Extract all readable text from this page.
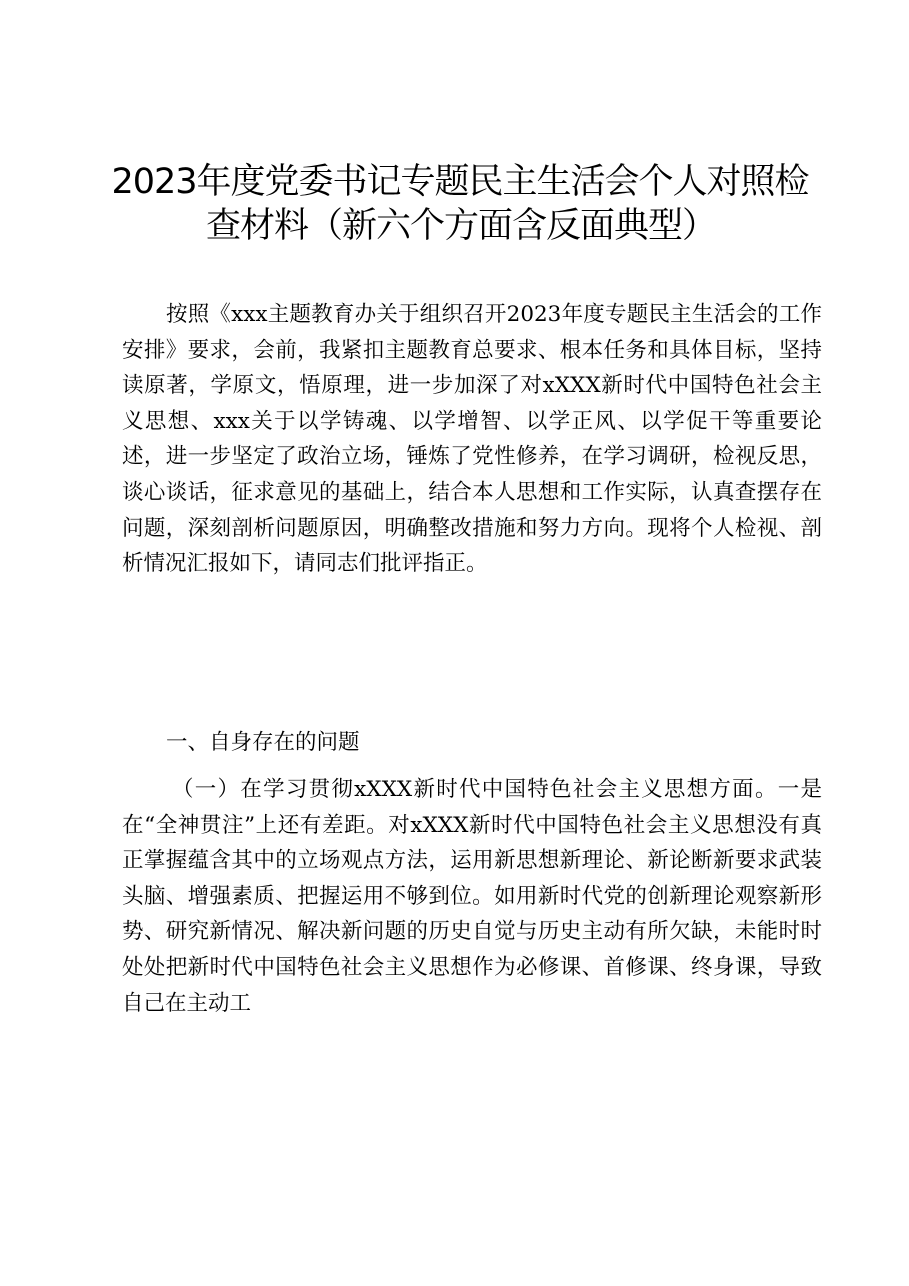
2023年度党委书记专题民主生活会个人对照检
查材料（新六个方面含反面典型）

按照《xxx主题教育办关于组织召开2023年度专题民主生活会的工作安排》要求，会前，我紧扣主题教育总要求、根本任务和具体目标，坚持读原著，学原文，悟原理，进一步加深了对xXXX新时代中国特色社会主义思想、xxx关于以学铸魂、以学增智、以学正风、以学促干等重要论述，进一步坚定了政治立场，锤炼了党性修养，在学习调研，检视反思，谈心谈话，征求意见的基础上，结合本人思想和工作实际，认真查摆存在问题，深刻剖析问题原因，明确整改措施和努力方向。现将个人检视、剖析情况汇报如下，请同志们批评指正。

一、自身存在的问题

（一）在学习贯彻xXXX新时代中国特色社会主义思想方面。一是在“全神贯注”上还有差距。对xXXX新时代中国特色社会主义思想没有真正掌握蕴含其中的立场观点方法，运用新思想新理论、新论断新要求武装头脑、增强素质、把握运用不够到位。如用新时代党的创新理论观察新形势、研究新情况、解决新问题的历史自觉与历史主动有所欠缺，未能时时处处把新时代中国特色社会主义思想作为必修课、首修课、终身课，导致自己在主动工
